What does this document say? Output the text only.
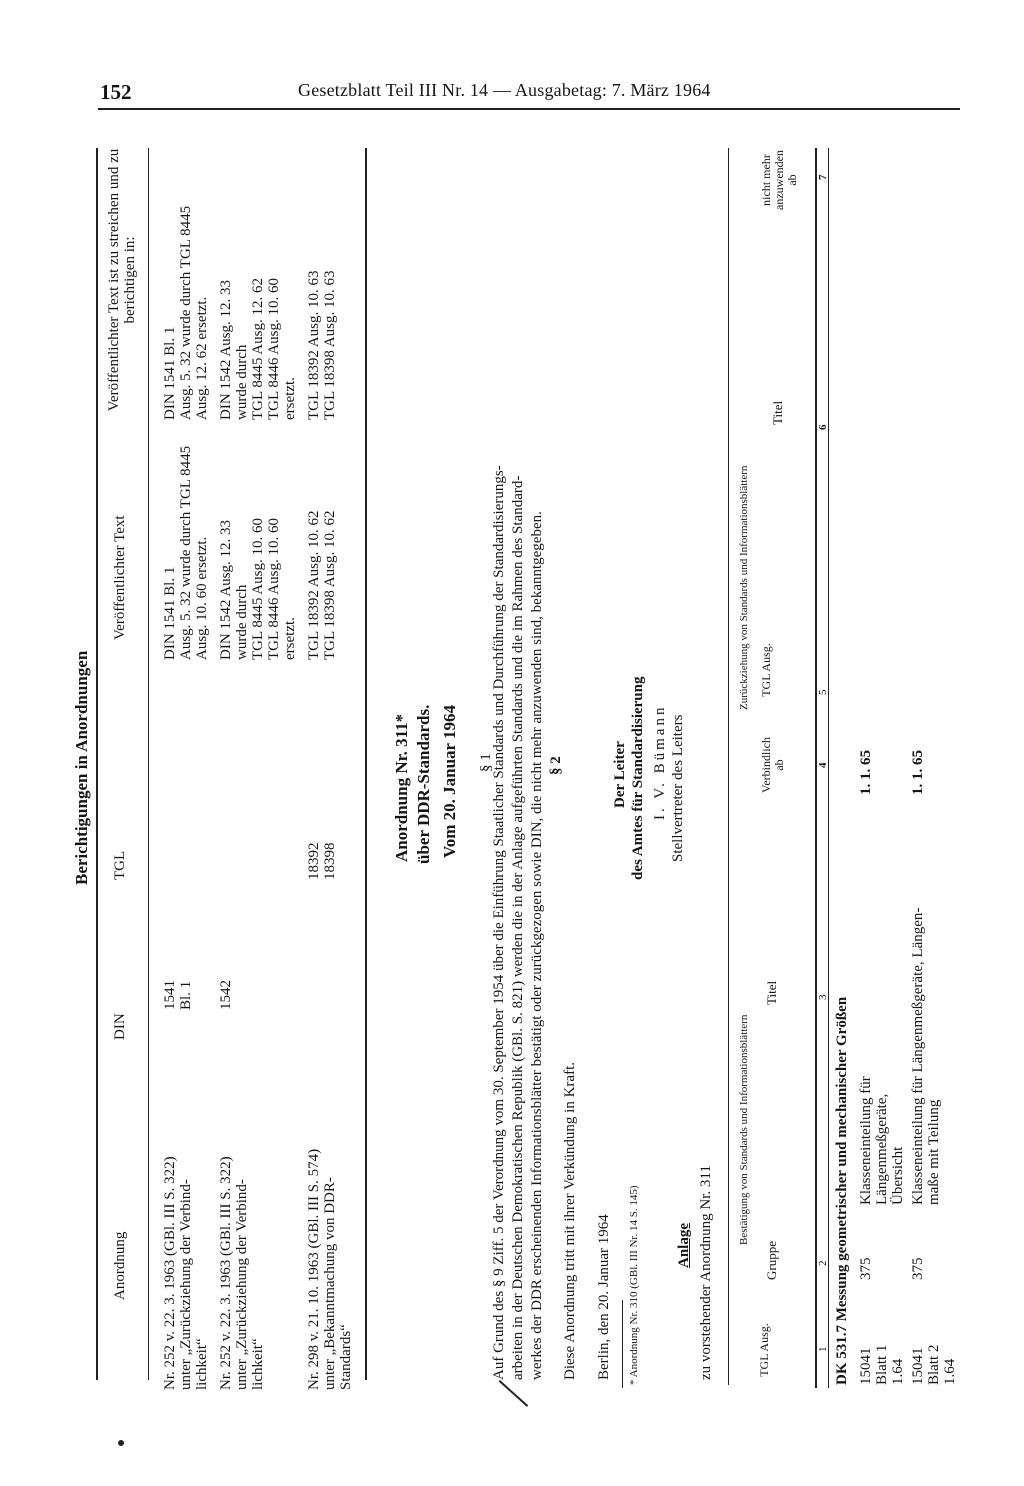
152	Gesetzblatt Teil III Nr. 14 — Ausgabetag: 7. März 1964
Berichtigungen in Anordnungen
Anordnung
DIN
TGL
Veröffentlichter Text
Veröffentlichter Text ist zu streichen und zu berichtigen in:
Nr. 252 v. 22. 3. 1963 (GBl. III S. 322)
unter „Zurückziehung der Verbind-
lichkeit“
1541
Bl. 1
DIN 1541 Bl. 1
Ausg. 5. 32 wurde durch TGL 8445
Ausg. 10. 60 ersetzt.
DIN 1541 Bl. 1
Ausg. 5. 32 wurde durch TGL 8445
Ausg. 12. 62 ersetzt.
Nr. 252 v. 22. 3. 1963 (GBl. III S. 322)
unter „Zurückziehung der Verbind-
lichkeit“
1542
DIN 1542 Ausg. 12. 33
wurde durch
TGL 8445 Ausg. 10. 60
TGL 8446 Ausg. 10. 60
ersetzt.
DIN 1542 Ausg. 12. 33
wurde durch
TGL 8445 Ausg. 12. 62
TGL 8446 Ausg. 10. 60
ersetzt.
Nr. 298 v. 21. 10. 1963 (GBl. III S. 574)
unter „Bekanntmachung von DDR-
Standards“
18392
18398
TGL 18392 Ausg. 10. 62
TGL 18398 Ausg. 10. 62
TGL 18392 Ausg. 10. 63
TGL 18398 Ausg. 10. 63
Anordnung Nr. 311* über DDR-Standards. Vom 20. Januar 1964 § 1
Auf Grund des § 9 Ziff. 5 der Verordnung vom 30. September 1954 über die Einführung Staatlicher Standards und Durchführung der Standardisierungs-
arbeiten in der Deutschen Demokratischen Republik (GBl. S. 821) werden die in der Anlage aufgeführten Standards und die im Rahmen des Standard-
werkes der DDR erscheinenden Informationsblätter bestätigt oder zurückgezogen sowie DIN, die nicht mehr anzuwenden sind, bekanntgegeben.
§ 2
Diese Anordnung tritt mit ihrer Verkündung in Kraft. Berlin, den 20. Januar 1964
Der Leiter des Amtes für Standardisierung I. V. Bümann Stellvertreter des Leiters
* Anordnung Nr. 310 (GBl. III Nr. 14 S. 145) Anlage zu vorstehender Anordnung Nr. 311
Bestätigung von Standards und Informationsblättern
Zurückziehung von Standards und Informationsblättern
TGL Ausg.
Gruppe
Titel
Verbindlich ab
TGL Ausg.
Titel
nicht mehr anzuwenden ab
1
2
3
4
5
6
7
DK 531.7 Messung geometrischer und mechanischer Größen 15041
Blatt 1
1.64
375
Klasseneinteilung für Längenmeßgeräte, Übersicht
1. 1. 65
15041
Blatt 2
1.64
375
Klasseneinteilung für Längenmeßgeräte, Längen-
maße mit Teilung
1. 1. 65
